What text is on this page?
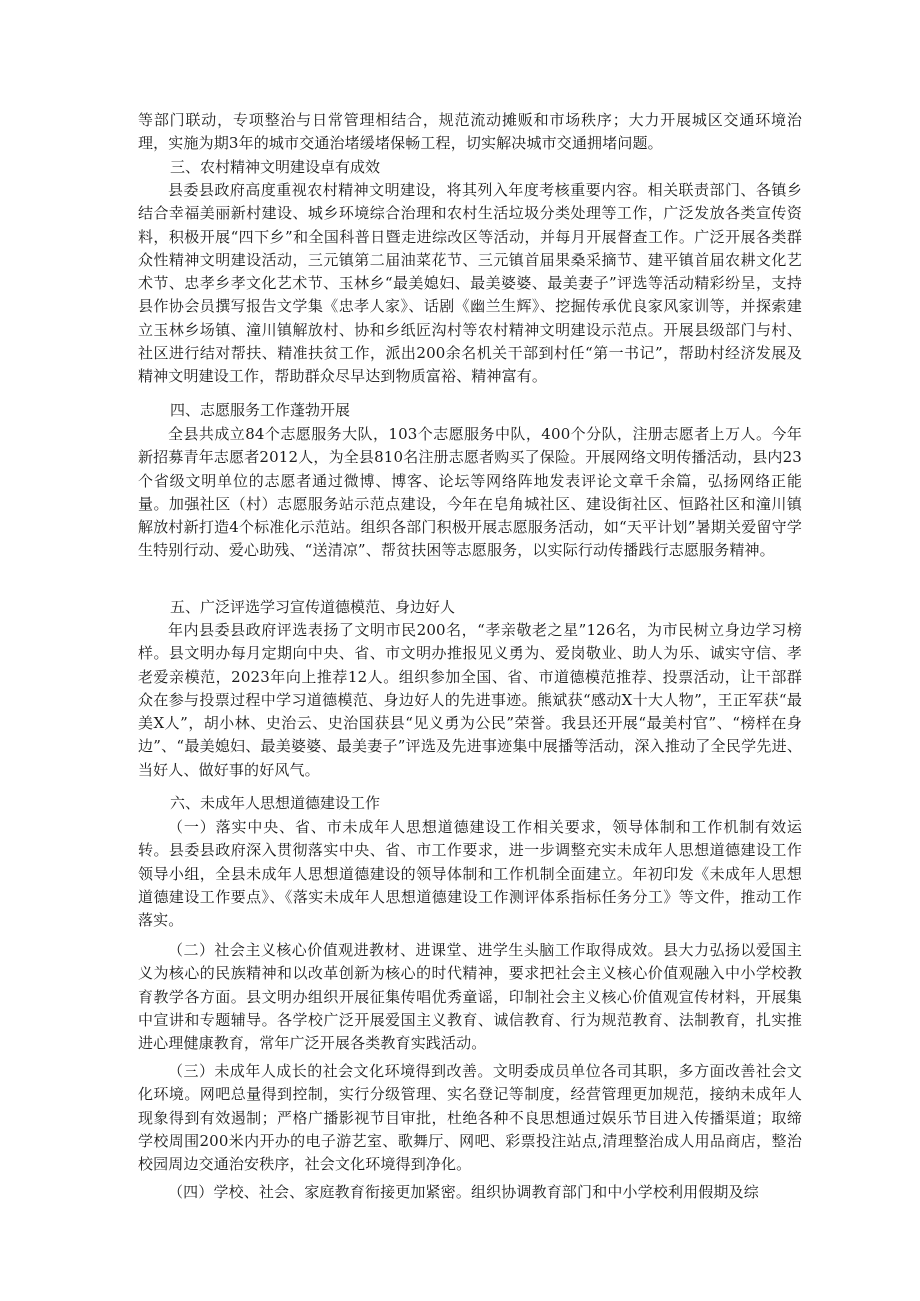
等部门联动，专项整治与日常管理相结合，规范流动摊贩和市场秩序；大力开展城区交通环境治理，实施为期3年的城市交通治堵缓堵保畅工程，切实解决城市交通拥堵问题。

三、农村精神文明建设卓有成效

县委县政府高度重视农村精神文明建设，将其列入年度考核重要内容。相关联责部门、各镇乡结合幸福美丽新村建设、城乡环境综合治理和农村生活垃圾分类处理等工作，广泛发放各类宣传资料，积极开展“四下乡”和全国科普日暨走进综改区等活动，并每月开展督查工作。广泛开展各类群众性精神文明建设活动，三元镇第二届油菜花节、三元镇首届果桑采摘节、建平镇首届农耕文化艺术节、忠孝乡孝文化艺术节、玉林乡“最美媳妇、最美婆婆、最美妻子”评选等活动精彩纷呈，支持县作协会员撰写报告文学集《忠孝人家》、话剧《幽兰生辉》、挖掘传承优良家风家训等，并探索建立玉林乡场镇、潼川镇解放村、协和乡纸匠沟村等农村精神文明建设示范点。开展县级部门与村、社区进行结对帮扶、精准扶贫工作，派出200余名机关干部到村任“第一书记”，帮助村经济发展及精神文明建设工作，帮助群众尽早达到物质富裕、精神富有。

四、志愿服务工作蓬勃开展

全县共成立84个志愿服务大队，103个志愿服务中队，400个分队，注册志愿者上万人。今年新招募青年志愿者2012人，为全县810名注册志愿者购买了保险。开展网络文明传播活动，县内23个省级文明单位的志愿者通过微博、博客、论坛等网络阵地发表评论文章千余篇，弘扬网络正能量。加强社区（村）志愿服务站示范点建设，今年在皂角城社区、建设街社区、恒路社区和潼川镇解放村新打造4个标准化示范站。组织各部门积极开展志愿服务活动，如“天平计划”暑期关爱留守学生特别行动、爱心助残、“送清凉”、帮贫扶困等志愿服务，以实际行动传播践行志愿服务精神。

五、广泛评选学习宣传道德模范、身边好人

年内县委县政府评选表扬了文明市民200名，“孝亲敬老之星”126名，为市民树立身边学习榜样。县文明办每月定期向中央、省、市文明办推报见义勇为、爱岗敬业、助人为乐、诚实守信、孝老爱亲模范，2023年向上推荐12人。组织参加全国、省、市道德模范推荐、投票活动，让干部群众在参与投票过程中学习道德模范、身边好人的先进事迹。熊斌获“感动X十大人物”，王正军获“最美X人”，胡小林、史治云、史治国获县“见义勇为公民”荣誉。我县还开展“最美村官”、“榜样在身边”、“最美媳妇、最美婆婆、最美妻子”评选及先进事迹集中展播等活动，深入推动了全民学先进、当好人、做好事的好风气。

六、未成年人思想道德建设工作

（一）落实中央、省、市未成年人思想道德建设工作相关要求，领导体制和工作机制有效运转。县委县政府深入贯彻落实中央、省、市工作要求，进一步调整充实未成年人思想道德建设工作领导小组，全县未成年人思想道德建设的领导体制和工作机制全面建立。年初印发《未成年人思想道德建设工作要点》、《落实未成年人思想道德建设工作测评体系指标任务分工》等文件，推动工作落实。

（二）社会主义核心价值观进教材、进课堂、进学生头脑工作取得成效。县大力弘扬以爱国主义为核心的民族精神和以改革创新为核心的时代精神，要求把社会主义核心价值观融入中小学校教育教学各方面。县文明办组织开展征集传唱优秀童谣，印制社会主义核心价值观宣传材料，开展集中宣讲和专题辅导。各学校广泛开展爱国主义教育、诚信教育、行为规范教育、法制教育，扎实推进心理健康教育，常年广泛开展各类教育实践活动。

（三）未成年人成长的社会文化环境得到改善。文明委成员单位各司其职，多方面改善社会文化环境。网吧总量得到控制，实行分级管理、实名登记等制度，经营管理更加规范，接纳未成年人现象得到有效遏制；严格广播影视节目审批，杜绝各种不良思想通过娱乐节目进入传播渠道；取缔学校周围200米内开办的电子游艺室、歌舞厅、网吧、彩票投注站点,清理整治成人用品商店，整治校园周边交通治安秩序，社会文化环境得到净化。

（四）学校、社会、家庭教育衔接更加紧密。组织协调教育部门和中小学校利用假期及综
